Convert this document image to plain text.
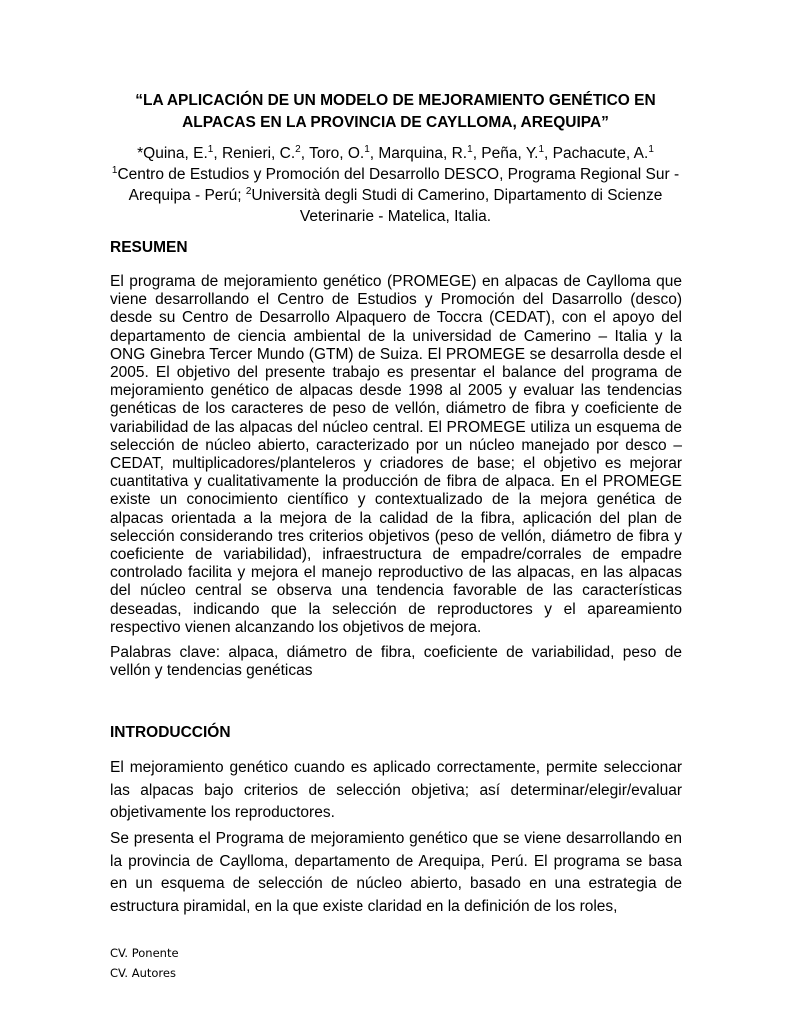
“LA APLICACIÓN DE UN MODELO DE MEJORAMIENTO GENÉTICO EN
ALPACAS EN LA PROVINCIA DE CAYLLOMA, AREQUIPA”
*Quina, E.$^1$, Renieri, C.$^2$, Toro, O.$^1$, Marquina, R.$^1$, Peña, Y.$^1$, Pachacute, A.$^1$
$^1$Centro de Estudios y Promoción del Desarrollo DESCO, Programa Regional Sur - Arequipa - Perú; $^2$Università degli Studi di Camerino, Dipartamento di Scienze Veterinarie - Matelica, Italia.
RESUMEN
El programa de mejoramiento genético (PROMEGE) en alpacas de Caylloma que viene desarrollando el Centro de Estudios y Promoción del Dasarrollo (desco) desde su Centro de Desarrollo Alpaquero de Toccra (CEDAT), con el apoyo del departamento de ciencia ambiental de la universidad de Camerino – Italia y la ONG Ginebra Tercer Mundo (GTM) de Suiza. El PROMEGE se desarrolla desde el 2005. El objetivo del presente trabajo es presentar el balance del programa de mejoramiento genético de alpacas desde 1998 al 2005 y evaluar las tendencias genéticas de los caracteres de peso de vellón, diámetro de fibra y coeficiente de variabilidad de las alpacas del núcleo central. El PROMEGE utiliza un esquema de selección de núcleo abierto, caracterizado por un núcleo manejado por desco – CEDAT, multiplicadores/planteleros y criadores de base; el objetivo es mejorar cuantitativa y cualitativamente la producción de fibra de alpaca. En el PROMEGE existe un conocimiento científico y contextualizado de la mejora genética de alpacas orientada a la mejora de la calidad de la fibra, aplicación del plan de selección considerando tres criterios objetivos (peso de vellón, diámetro de fibra y coeficiente de variabilidad), infraestructura de empadre/corrales de empadre controlado facilita y mejora el manejo reproductivo de las alpacas, en las alpacas del núcleo central se observa una tendencia favorable de las características deseadas, indicando que la selección de reproductores y el apareamiento respectivo vienen alcanzando los objetivos de mejora.
Palabras clave: alpaca, diámetro de fibra, coeficiente de variabilidad, peso de vellón y tendencias genéticas
INTRODUCCIÓN
El mejoramiento genético cuando es aplicado correctamente, permite seleccionar las alpacas bajo criterios de selección objetiva; así determinar/elegir/evaluar objetivamente los reproductores.
Se presenta el Programa de mejoramiento genético que se viene desarrollando en la provincia de Caylloma, departamento de Arequipa, Perú. El programa se basa en un esquema de selección de núcleo abierto, basado en una estrategia de estructura piramidal, en la que existe claridad en la definición de los roles,
CV. Ponente
CV. Autores
